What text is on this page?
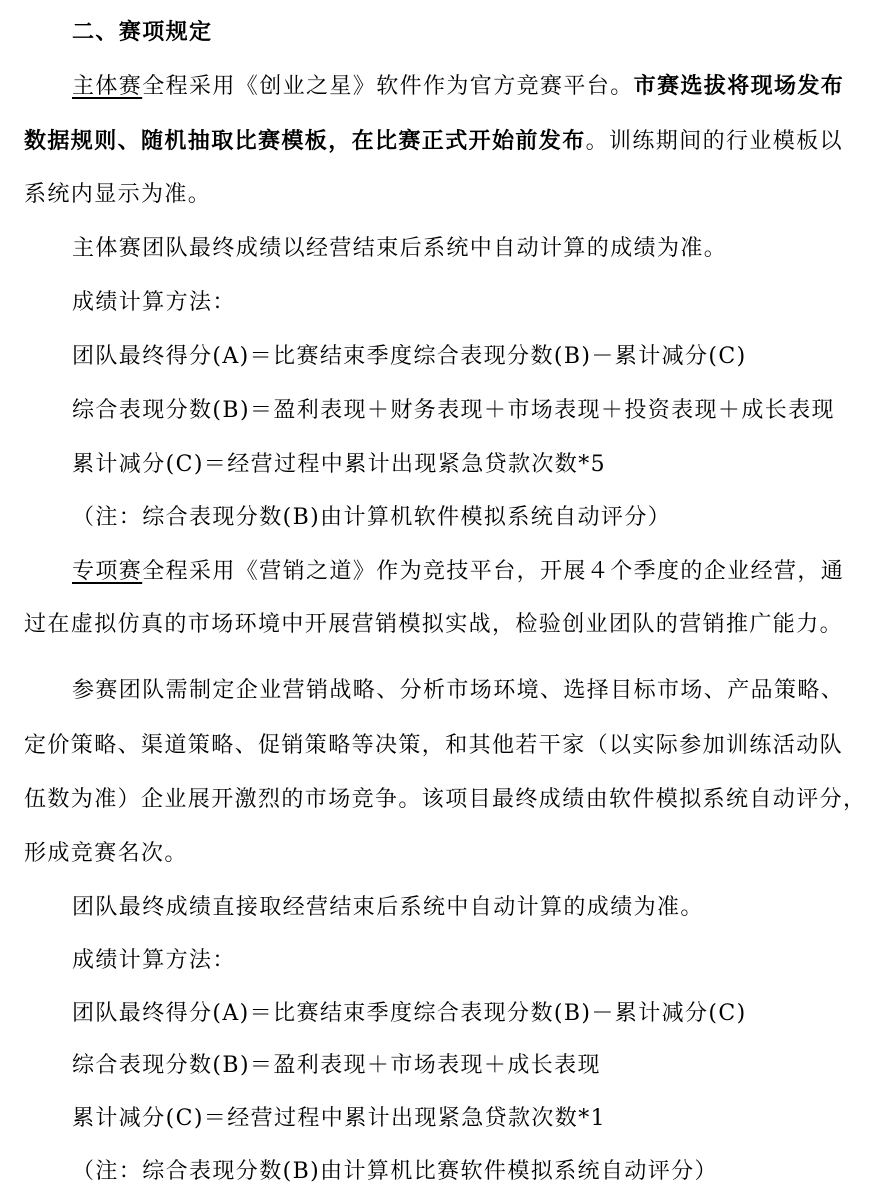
二、赛项规定
主体赛全程采用《创业之星》软件作为官方竞赛平台。市赛选拔将现场发布
数据规则、随机抽取比赛模板，在比赛正式开始前发布。训练期间的行业模板以
系统内显示为准。
主体赛团队最终成绩以经营结束后系统中自动计算的成绩为准。
成绩计算方法：
团队最终得分(A)＝比赛结束季度综合表现分数(B)－累计减分(C)
综合表现分数(B)＝盈利表现＋财务表现＋市场表现＋投资表现＋成长表现
累计减分(C)＝经营过程中累计出现紧急贷款次数*5
（注：综合表现分数(B)由计算机软件模拟系统自动评分）
专项赛全程采用《营销之道》作为竞技平台，开展４个季度的企业经营，通
过在虚拟仿真的市场环境中开展营销模拟实战，检验创业团队的营销推广能力。
参赛团队需制定企业营销战略、分析市场环境、选择目标市场、产品策略、
定价策略、渠道策略、促销策略等决策，和其他若干家（以实际参加训练活动队
伍数为准）企业展开激烈的市场竞争。该项目最终成绩由软件模拟系统自动评分，
形成竞赛名次。
团队最终成绩直接取经营结束后系统中自动计算的成绩为准。
成绩计算方法：
团队最终得分(A)＝比赛结束季度综合表现分数(B)－累计减分(C)
综合表现分数(B)＝盈利表现＋市场表现＋成长表现
累计减分(C)＝经营过程中累计出现紧急贷款次数*1
（注：综合表现分数(B)由计算机比赛软件模拟系统自动评分）
